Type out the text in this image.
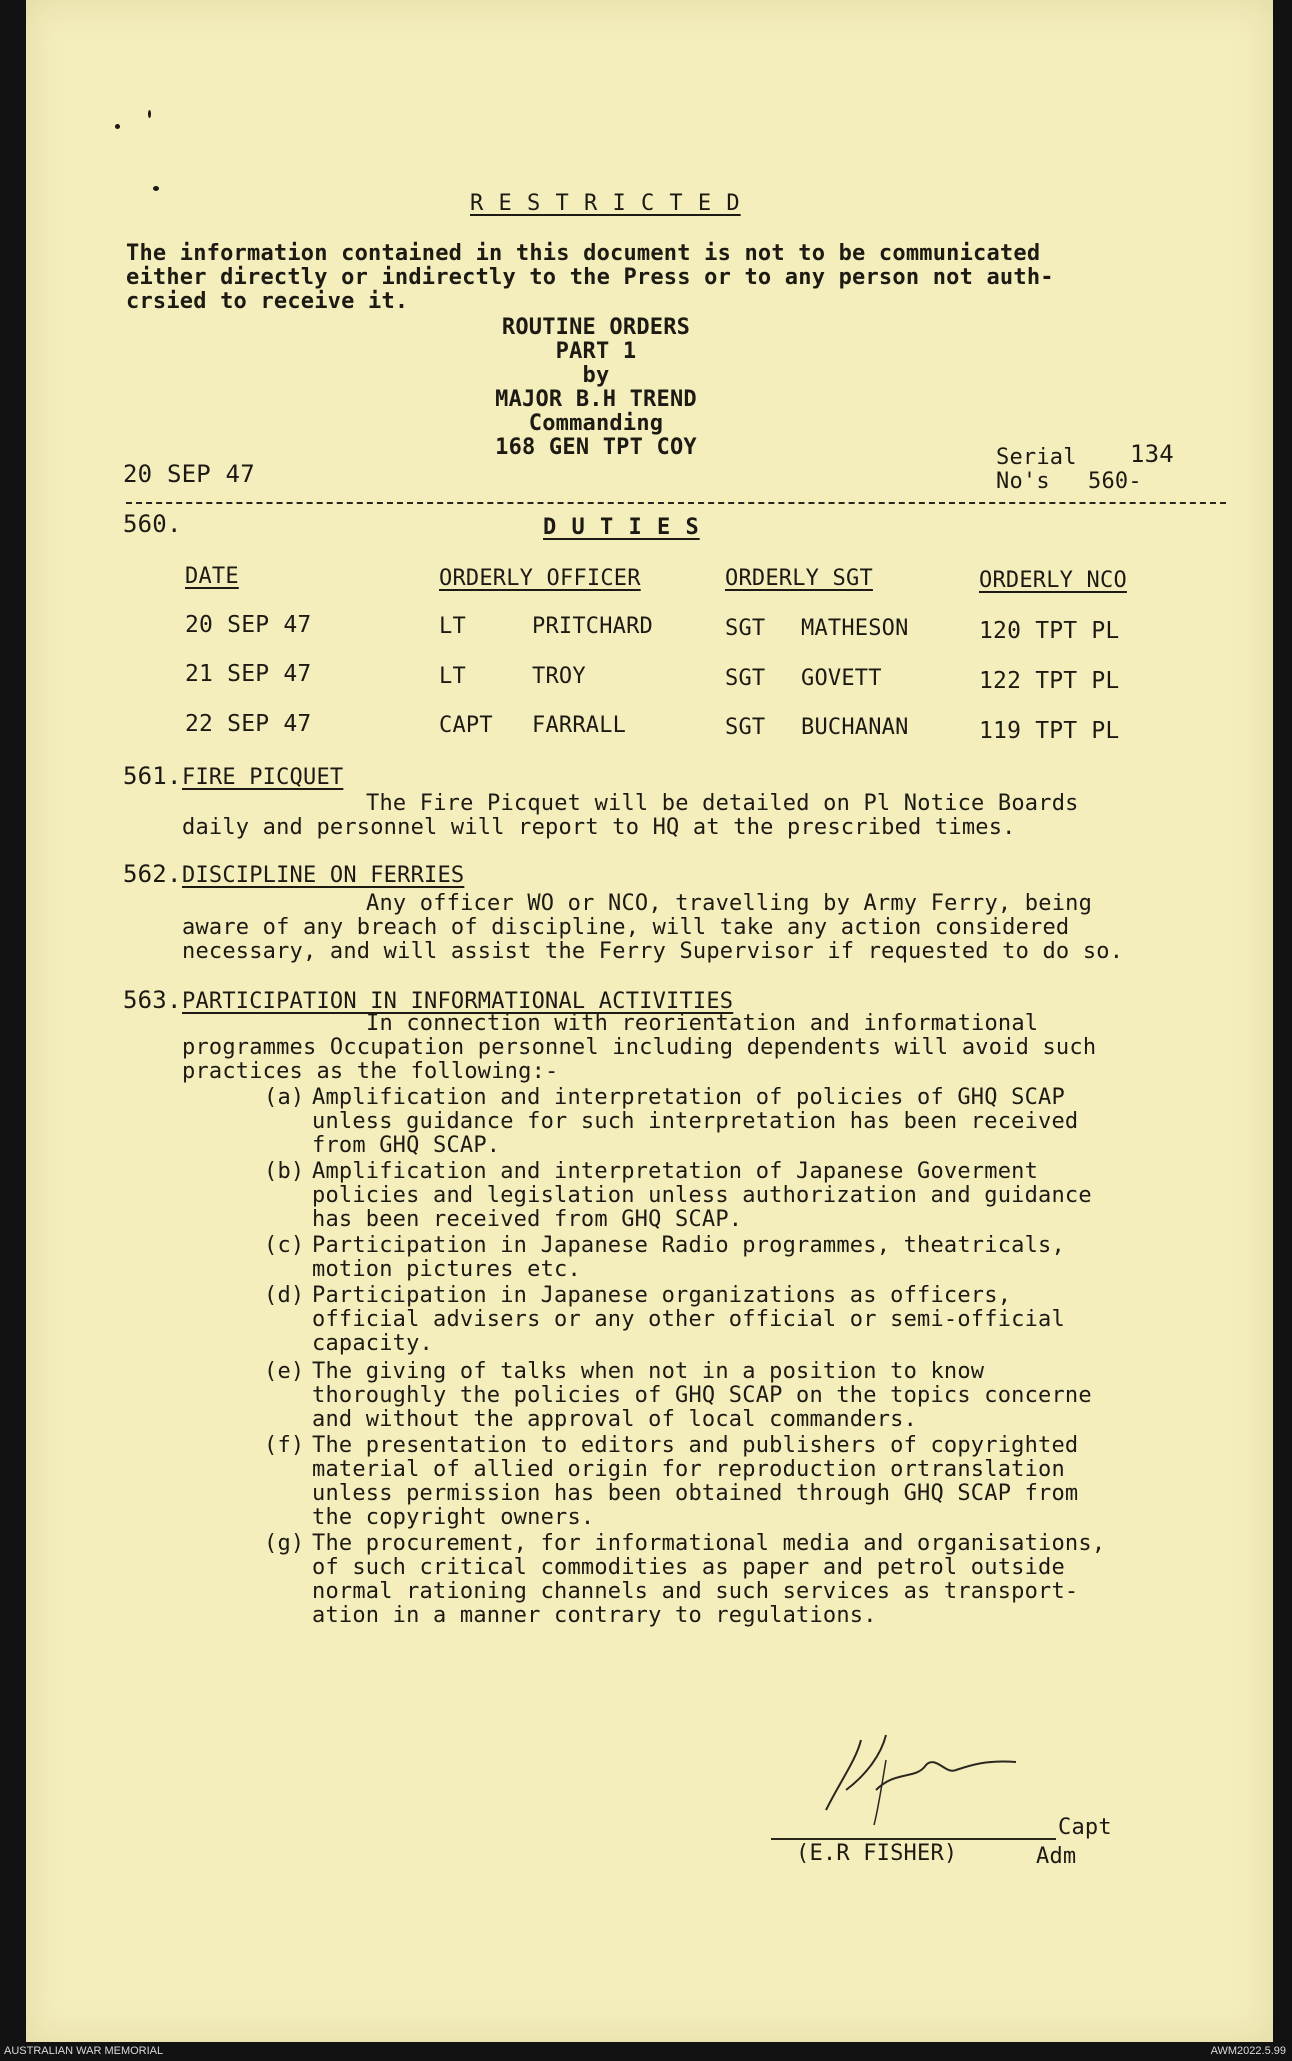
R E S T R I C T E D
The information contained in this document is not to be communicated
either directly or indirectly to the Press or to any person not auth-
crsied to receive it.
ROUTINE ORDERS
PART 1
by
MAJOR B.H TREND
Commanding
168 GEN TPT COY
20 SEP 47
Serial 134
No's 560-
560.	D U T I E S
DATE	ORDERLY OFFICER	ORDERLY SGT	ORDERLY NCO
20 SEP 47	LT	PRITCHARD	SGT MATHESON	120 TPT PL
21 SEP 47	LT	TROY	SGT GOVETT	122 TPT PL
22 SEP 47	CAPT FARRALL	SGT BUCHANAN	119 TPT PL
561. FIRE PICQUET
The Fire Picquet will be detailed on Pl Notice Boards
daily and personnel will report to HQ at the prescribed times.
562. DISCIPLINE ON FERRIES
Any officer WO or NCO, travelling by Army Ferry, being
aware of any breach of discipline, will take any action considered
necessary, and will assist the Ferry Supervisor if requested to do so.
563. PARTICIPATION IN INFORMATIONAL ACTIVITIES
In connection with reorientation and informational
programmes Occupation personnel including dependents will avoid such
practices as the following:-
(a) Amplification and interpretation of policies of GHQ SCAP
unless guidance for such interpretation has been received
from GHQ SCAP.
(b) Amplification and interpretation of Japanese Goverment
policies and legislation unless authorization and guidance
has been received from GHQ SCAP.
(c) Participation in Japanese Radio programmes, theatricals,
motion pictures etc.
(d) Participation in Japanese organizations as officers,
official advisers or any other official or semi-official
capacity.
(e) The giving of talks when not in a position to know
thoroughly the policies of GHQ SCAP on the topics concerne
and without the approval of local commanders.
(f) The presentation to editors and publishers of copyrighted
material of allied origin for reproduction ortranslation
unless permission has been obtained through GHQ SCAP from
the copyright owners.
(g) The procurement, for informational media and organisations,
of such critical commodities as paper and petrol outside
normal rationing channels and such services as transport-
ation in a manner contrary to regulations.
Capt
(E.R FISHER)	Adm
AUSTRALIAN WAR MEMORIAL	AWM2022.5.99
